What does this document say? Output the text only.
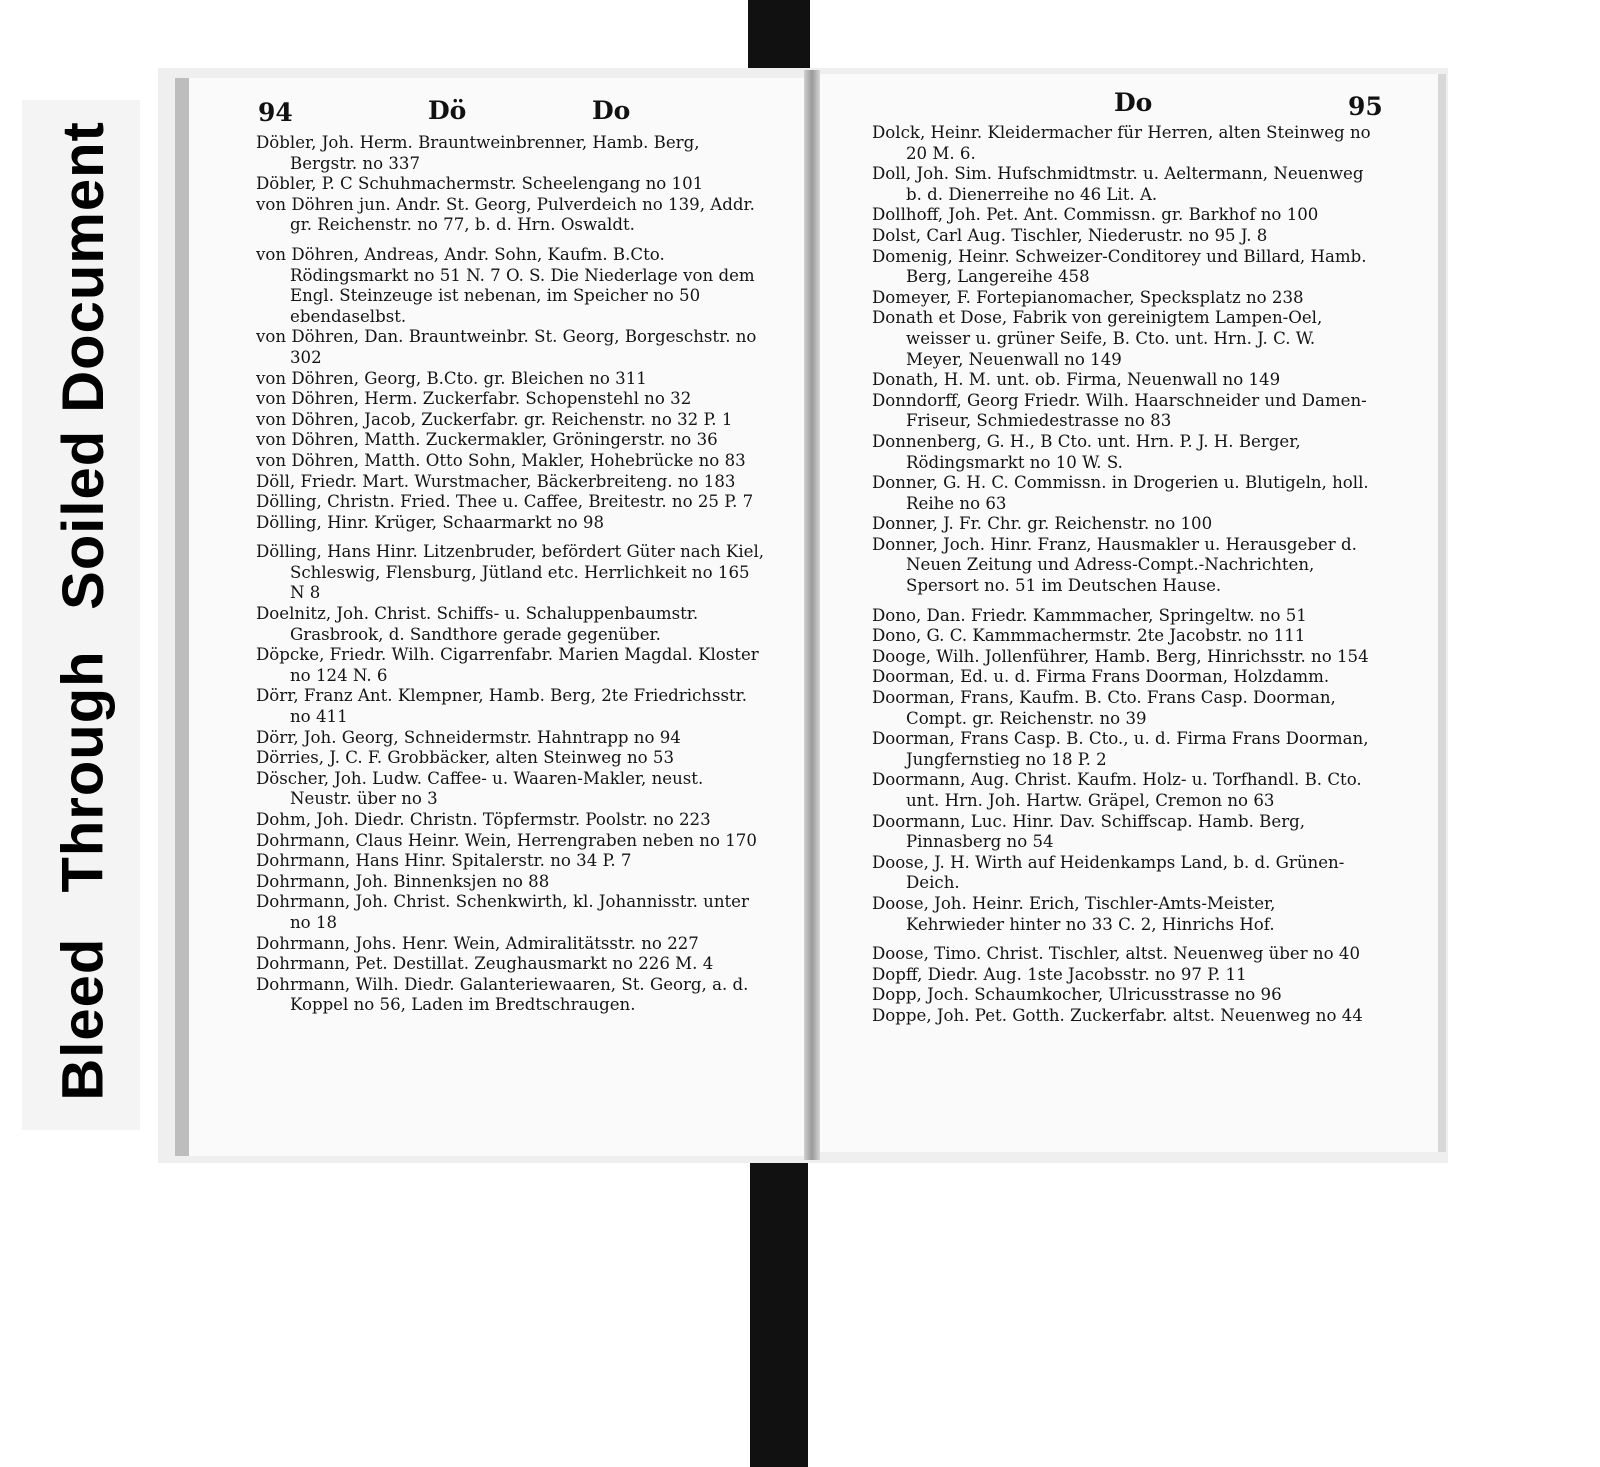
Soiled Document
Bleed Through
94	Dö	Do	Do	95
Döbler, Joh. Herm. Brauntweinbrenner, Hamb. Berg, Bergstr. no 337
Döbler, P. C Schuhmachermstr. Scheelengang no 101
von Döhren jun. Andr. St. Georg, Pulverdeich no 139, Addr. gr. Reichenstr. no 77, b. d. Hrn. Oswaldt.
von Döhren, Andreas, Andr. Sohn, Kaufm. B.Cto. Rödingsmarkt no 51 N. 7 O. S. Die Niederlage von dem Engl. Steinzeuge ist nebenan, im Speicher no 50 ebendaselbst.
von Döhren, Dan. Brauntweinbr. St. Georg, Borgeschstr. no 302
von Döhren, Georg, B.Cto. gr. Bleichen no 311
von Döhren, Herm. Zuckerfabr. Schopenstehl no 32
von Döhren, Jacob, Zuckerfabr. gr. Reichenstr. no 32 P. 1
von Döhren, Matth. Zuckermakler, Gröningerstr. no 36
von Döhren, Matth. Otto Sohn, Makler, Hohebrücke no 83
Döll, Friedr. Mart. Wurstmacher, Bäckerbreiteng. no 183
Dölling, Christn. Fried. Thee u. Caffee, Breitestr. no 25 P. 7
Dölling, Hinr. Krüger, Schaarmarkt no 98
Dölling, Hans Hinr. Litzenbruder, befördert Güter nach Kiel, Schleswig, Flensburg, Jütland etc. Herrlichkeit no 165 N 8
Doelnitz, Joh. Christ. Schiffs- u. Schaluppenbaumstr. Grasbrook, d. Sandthore gerade gegenüber.
Döpcke, Friedr. Wilh. Cigarrenfabr. Marien Magdal. Kloster no 124 N. 6
Dörr, Franz Ant. Klempner, Hamb. Berg, 2te Friedrichsstr. no 411
Dörr, Joh. Georg, Schneidermstr. Hahntrapp no 94
Dörries, J. C. F. Grobbäcker, alten Steinweg no 53
Döscher, Joh. Ludw. Caffee- u. Waaren-Makler, neust. Neustr. über no 3
Dohm, Joh. Diedr. Christn. Töpfermstr. Poolstr. no 223
Dohrmann, Claus Heinr. Wein, Herrengraben neben no 170
Dohrmann, Hans Hinr. Spitalerstr. no 34 P. 7
Dohrmann, Joh. Binnenksjen no 88
Dohrmann, Joh. Christ. Schenkwirth, kl. Johannisstr. unter no 18
Dohrmann, Johs. Henr. Wein, Admiralitätsstr. no 227
Dohrmann, Pet. Destillat. Zeughausmarkt no 226 M. 4
Dohrmann, Wilh. Diedr. Galanteriewaaren, St. Georg, a. d. Koppel no 56, Laden im Bredtschraugen.
Dolck, Heinr. Kleidermacher für Herren, alten Steinweg no 20 M. 6.
Doll, Joh. Sim. Hufschmidtmstr. u. Aeltermann, Neuenweg b. d. Dienerreihe no 46 Lit. A.
Dollhoff, Joh. Pet. Ant. Commissn. gr. Barkhof no 100
Dolst, Carl Aug. Tischler, Niederustr. no 95 J. 8
Domenig, Heinr. Schweizer-Conditorey und Billard, Hamb. Berg, Langereihe 458
Domeyer, F. Fortepianomacher, Specksplatz no 238
Donath et Dose, Fabrik von gereinigtem Lampen-Oel, weisser u. grüner Seife, B. Cto. unt. Hrn. J. C. W. Meyer, Neuenwall no 149
Donath, H. M. unt. ob. Firma, Neuenwall no 149
Donndorff, Georg Friedr. Wilh. Haarschneider und Damen-Friseur, Schmiedestrasse no 83
Donnenberg, G. H., B Cto. unt. Hrn. P. J. H. Berger, Rödingsmarkt no 10 W. S.
Donner, G. H. C. Commissn. in Drogerien u. Blutigeln, holl. Reihe no 63
Donner, J. Fr. Chr. gr. Reichenstr. no 100
Donner, Joch. Hinr. Franz, Hausmakler u. Herausgeber d. Neuen Zeitung und Adress-Compt.-Nachrichten, Spersort no. 51 im Deutschen Hause.
Dono, Dan. Friedr. Kammmacher, Springeltw. no 51
Dono, G. C. Kammmachermstr. 2te Jacobstr. no 111
Dooge, Wilh. Jollenführer, Hamb. Berg, Hinrichsstr. no 154
Doorman, Ed. u. d. Firma Frans Doorman, Holzdamm.
Doorman, Frans, Kaufm. B. Cto. Frans Casp. Doorman, Compt. gr. Reichenstr. no 39
Doorman, Frans Casp. B. Cto., u. d. Firma Frans Doorman, Jungfernstieg no 18 P. 2
Doormann, Aug. Christ. Kaufm. Holz- u. Torfhandl. B. Cto. unt. Hrn. Joh. Hartw. Gräpel, Cremon no 63
Doormann, Luc. Hinr. Dav. Schiffscap. Hamb. Berg, Pinnasberg no 54
Doose, J. H. Wirth auf Heidenkamps Land, b. d. Grünen-Deich.
Doose, Joh. Heinr. Erich, Tischler-Amts-Meister, Kehrwieder hinter no 33 C. 2, Hinrichs Hof.
Doose, Timo. Christ. Tischler, altst. Neuenweg über no 40
Dopff, Diedr. Aug. 1ste Jacobsstr. no 97 P. 11
Dopp, Joch. Schaumkocher, Ulricusstrasse no 96
Doppe, Joh. Pet. Gotth. Zuckerfabr. altst. Neuenweg no 44
